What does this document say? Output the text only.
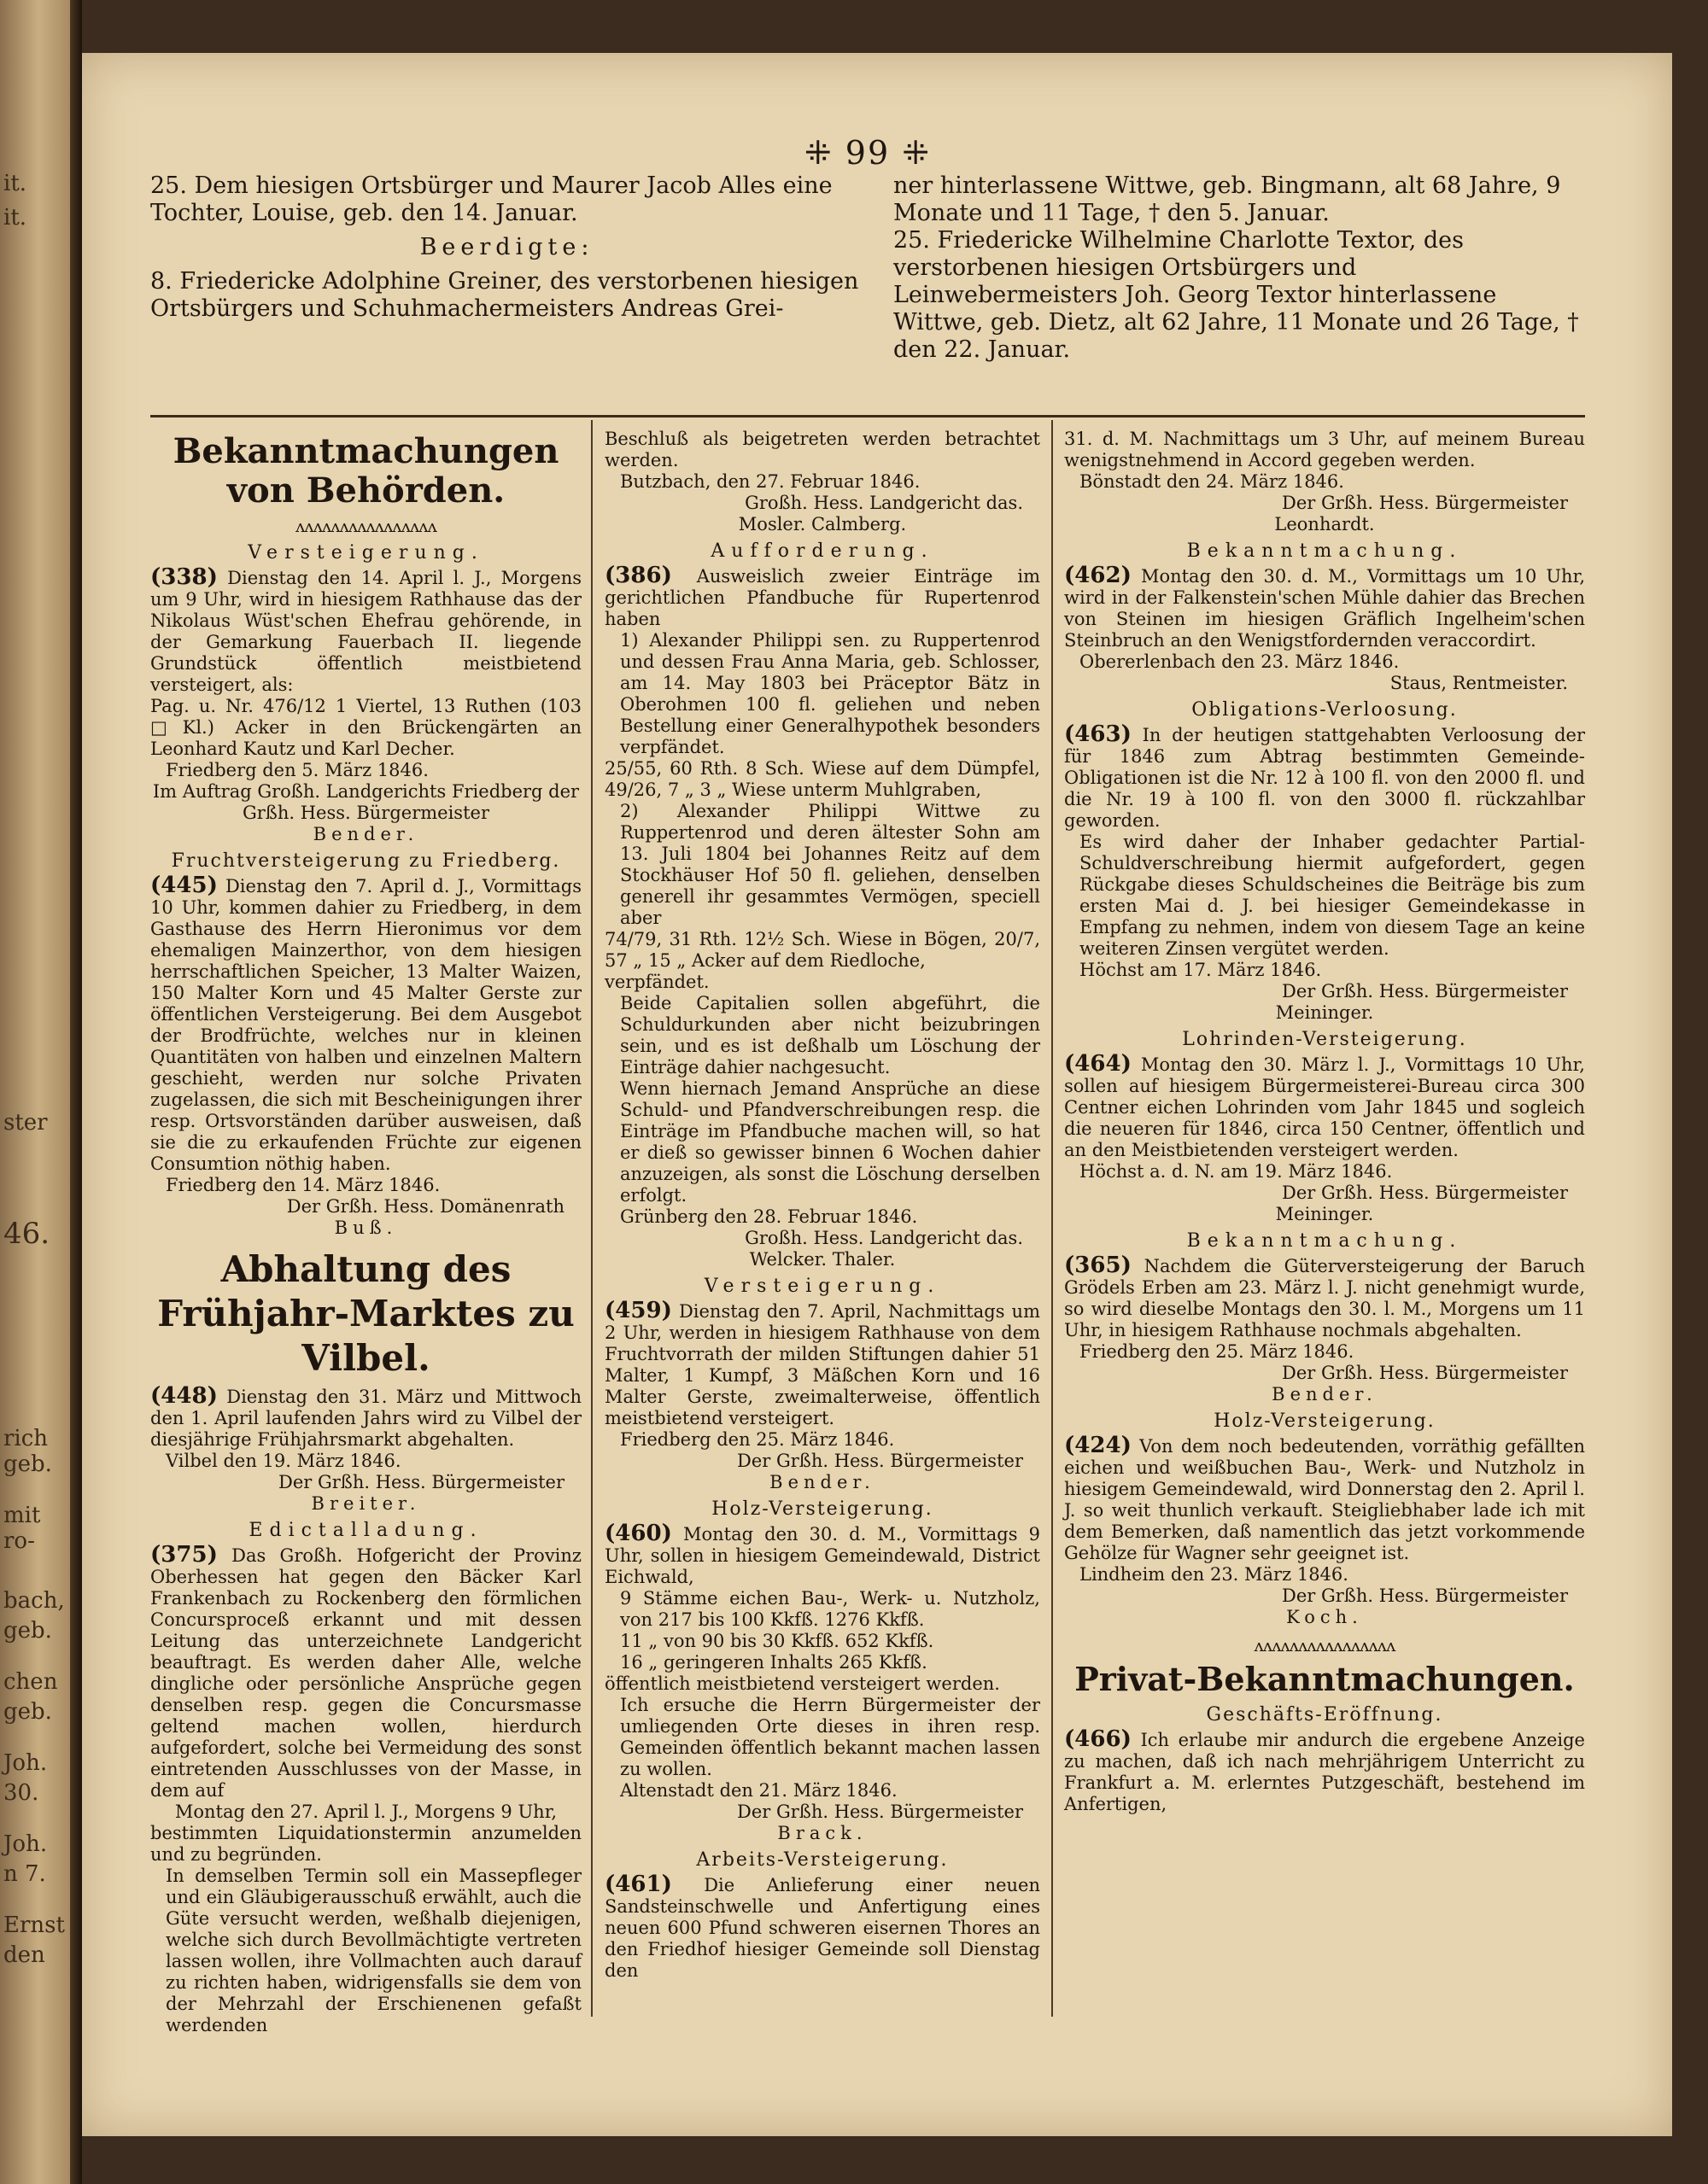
it.
it.
ster
46.
rich
geb.
mit
ro-
bach,
geb.
chen
geb.
Joh.
30.
Joh.
n 7.
Ernst
den
⁜ 99 ⁜

25. Dem hiesigen Ortsbürger und Maurer Jacob Alles eine Tochter, Louise, geb. den 14. Januar.

Beerdigte:

8. Friedericke Adolphine Greiner, des verstorbenen hiesigen Ortsbürgers und Schuhmachermeisters Andreas Grei-

ner hinterlassene Wittwe, geb. Bingmann, alt 68 Jahre, 9 Monate und 11 Tage, † den 5. Januar.

25. Friedericke Wilhelmine Charlotte Textor, des verstorbenen hiesigen Ortsbürgers und Leinwebermeisters Joh. Georg Textor hinterlassene Wittwe, geb. Dietz, alt 62 Jahre, 11 Monate und 26 Tage, † den 22. Januar.

Bekanntmachungen von Behörden.
ᴧᴧᴧᴧᴧᴧᴧᴧᴧᴧᴧᴧᴧᴧᴧᴧ
Versteigerung.

(338) Dienstag den 14. April l. J., Morgens um 9 Uhr, wird in hiesigem Rathhause das der Nikolaus Wüst'schen Ehefrau gehörende, in der Gemarkung Fauerbach II. liegende Grundstück öffentlich meistbietend versteigert, als:

Pag. u. Nr. 476/12 1 Viertel, 13 Ruthen (103 □Kl.) Acker in den Brückengärten an Leonhard Kautz und Karl Decher.

Friedberg den 5. März 1846.

Im Auftrag Großh. Landgerichts Friedberg der Grßh. Hess. Bürgermeister

Bender.

Fruchtversteigerung zu Friedberg.

(445) Dienstag den 7. April d. J., Vormittags 10 Uhr, kommen dahier zu Friedberg, in dem Gasthause des Herrn Hieronimus vor dem ehemaligen Mainzerthor, von dem hiesigen herrschaftlichen Speicher, 13 Malter Waizen, 150 Malter Korn und 45 Malter Gerste zur öffentlichen Versteigerung. Bei dem Ausgebot der Brodfrüchte, welches nur in kleinen Quantitäten von halben und einzelnen Maltern geschieht, werden nur solche Privaten zugelassen, die sich mit Bescheinigungen ihrer resp. Ortsvorständen darüber ausweisen, daß sie die zu erkaufenden Früchte zur eigenen Consumtion nöthig haben.

Friedberg den 14. März 1846.

Der Grßh. Hess. Domänenrath

Buß.

Abhaltung des Frühjahr-Marktes zu Vilbel.

(448) Dienstag den 31. März und Mittwoch den 1. April laufenden Jahrs wird zu Vilbel der diesjährige Frühjahrsmarkt abgehalten.

Vilbel den 19. März 1846.

Der Grßh. Hess. Bürgermeister

Breiter.

Edictalladung.

(375) Das Großh. Hofgericht der Provinz Oberhessen hat gegen den Bäcker Karl Frankenbach zu Rockenberg den förmlichen Concursproceß erkannt und mit dessen Leitung das unterzeichnete Landgericht beauftragt. Es werden daher Alle, welche dingliche oder persönliche Ansprüche gegen denselben resp. gegen die Concursmasse geltend machen wollen, hierdurch aufgefordert, solche bei Vermeidung des sonst eintretenden Ausschlusses von der Masse, in dem auf

Montag den 27. April l. J., Morgens 9 Uhr,

bestimmten Liquidationstermin anzumelden und zu begründen.

In demselben Termin soll ein Massepfleger und ein Gläubigerausschuß erwählt, auch die Güte versucht werden, weßhalb diejenigen, welche sich durch Bevollmächtigte vertreten lassen wollen, ihre Vollmachten auch darauf zu richten haben, widrigensfalls sie dem von der Mehrzahl der Erschienenen gefaßt werdenden

Beschluß als beigetreten werden betrachtet werden.

Butzbach, den 27. Februar 1846.

Großh. Hess. Landgericht das.

Mosler. Calmberg.

Aufforderung.

(386) Ausweislich zweier Einträge im gerichtlichen Pfandbuche für Rupertenrod haben

1) Alexander Philippi sen. zu Ruppertenrod und dessen Frau Anna Maria, geb. Schlosser, am 14. May 1803 bei Präceptor Bätz in Oberohmen 100 fl. geliehen und neben Bestellung einer Generalhypothek besonders verpfändet.

25/55, 60 Rth. 8 Sch. Wiese auf dem Dümpfel, 49/26, 7 „ 3 „ Wiese unterm Muhlgraben,

2) Alexander Philippi Wittwe zu Ruppertenrod und deren ältester Sohn am 13. Juli 1804 bei Johannes Reitz auf dem Stockhäuser Hof 50 fl. geliehen, denselben generell ihr gesammtes Vermögen, speciell aber

74/79, 31 Rth. 12½ Sch. Wiese in Bögen, 20/7, 57 „ 15 „ Acker auf dem Riedloche,

verpfändet.

Beide Capitalien sollen abgeführt, die Schuldurkunden aber nicht beizubringen sein, und es ist deßhalb um Löschung der Einträge dahier nachgesucht.

Wenn hiernach Jemand Ansprüche an diese Schuld- und Pfandverschreibungen resp. die Einträge im Pfandbuche machen will, so hat er dieß so gewisser binnen 6 Wochen dahier anzuzeigen, als sonst die Löschung derselben erfolgt.

Grünberg den 28. Februar 1846.

Großh. Hess. Landgericht das.

Welcker. Thaler.

Versteigerung.

(459) Dienstag den 7. April, Nachmittags um 2 Uhr, werden in hiesigem Rathhause von dem Fruchtvorrath der milden Stiftungen dahier 51 Malter, 1 Kumpf, 3 Mäßchen Korn und 16 Malter Gerste, zweimalterweise, öffentlich meistbietend versteigert.

Friedberg den 25. März 1846.

Der Grßh. Hess. Bürgermeister

Bender.

Holz-Versteigerung.

(460) Montag den 30. d. M., Vormittags 9 Uhr, sollen in hiesigem Gemeindewald, District Eichwald,

9 Stämme eichen Bau-, Werk- u. Nutzholz, von 217 bis 100 Kkfß. 1276 Kkfß.

11 „ von 90 bis 30 Kkfß. 652 Kkfß.

16 „ geringeren Inhalts 265 Kkfß.

öffentlich meistbietend versteigert werden.

Ich ersuche die Herrn Bürgermeister der umliegenden Orte dieses in ihren resp. Gemeinden öffentlich bekannt machen lassen zu wollen.

Altenstadt den 21. März 1846.

Der Grßh. Hess. Bürgermeister

Brack.

Arbeits-Versteigerung.

(461) Die Anlieferung einer neuen Sandsteinschwelle und Anfertigung eines neuen 600 Pfund schweren eisernen Thores an den Friedhof hiesiger Gemeinde soll Dienstag den

31. d. M. Nachmittags um 3 Uhr, auf meinem Bureau wenigstnehmend in Accord gegeben werden.

Bönstadt den 24. März 1846.

Der Grßh. Hess. Bürgermeister

Leonhardt.

Bekanntmachung.

(462) Montag den 30. d. M., Vormittags um 10 Uhr, wird in der Falkenstein'schen Mühle dahier das Brechen von Steinen im hiesigen Gräflich Ingelheim'schen Steinbruch an den Wenigstfordernden veraccordirt.

Obererlenbach den 23. März 1846.

Staus, Rentmeister.

Obligations-Verloosung.

(463) In der heutigen stattgehabten Verloosung der für 1846 zum Abtrag bestimmten Gemeinde-Obligationen ist die Nr. 12 à 100 fl. von den 2000 fl. und die Nr. 19 à 100 fl. von den 3000 fl. rückzahlbar geworden.

Es wird daher der Inhaber gedachter Partial-Schuldverschreibung hiermit aufgefordert, gegen Rückgabe dieses Schuldscheines die Beiträge bis zum ersten Mai d. J. bei hiesiger Gemeindekasse in Empfang zu nehmen, indem von diesem Tage an keine weiteren Zinsen vergütet werden.

Höchst am 17. März 1846.

Der Grßh. Hess. Bürgermeister

Meininger.

Lohrinden-Versteigerung.

(464) Montag den 30. März l. J., Vormittags 10 Uhr, sollen auf hiesigem Bürgermeisterei-Bureau circa 300 Centner eichen Lohrinden vom Jahr 1845 und sogleich die neueren für 1846, circa 150 Centner, öffentlich und an den Meistbietenden versteigert werden.

Höchst a. d. N. am 19. März 1846.

Der Grßh. Hess. Bürgermeister

Meininger.

Bekanntmachung.

(365) Nachdem die Güterversteigerung der Baruch Grödels Erben am 23. März l. J. nicht genehmigt wurde, so wird dieselbe Montags den 30. l. M., Morgens um 11 Uhr, in hiesigem Rathhause nochmals abgehalten.

Friedberg den 25. März 1846.

Der Grßh. Hess. Bürgermeister

Bender.

Holz-Versteigerung.

(424) Von dem noch bedeutenden, vorräthig gefällten eichen und weißbuchen Bau-, Werk- und Nutzholz in hiesigem Gemeindewald, wird Donnerstag den 2. April l. J. so weit thunlich verkauft. Steigliebhaber lade ich mit dem Bemerken, daß namentlich das jetzt vorkommende Gehölze für Wagner sehr geeignet ist.

Lindheim den 23. März 1846.

Der Grßh. Hess. Bürgermeister

Koch.

ᴧᴧᴧᴧᴧᴧᴧᴧᴧᴧᴧᴧᴧᴧᴧᴧ
Privat-Bekanntmachungen.
Geschäfts-Eröffnung.

(466) Ich erlaube mir andurch die ergebene Anzeige zu machen, daß ich nach mehrjährigem Unterricht zu Frankfurt a. M. erlerntes Putzgeschäft, bestehend im Anfertigen,
